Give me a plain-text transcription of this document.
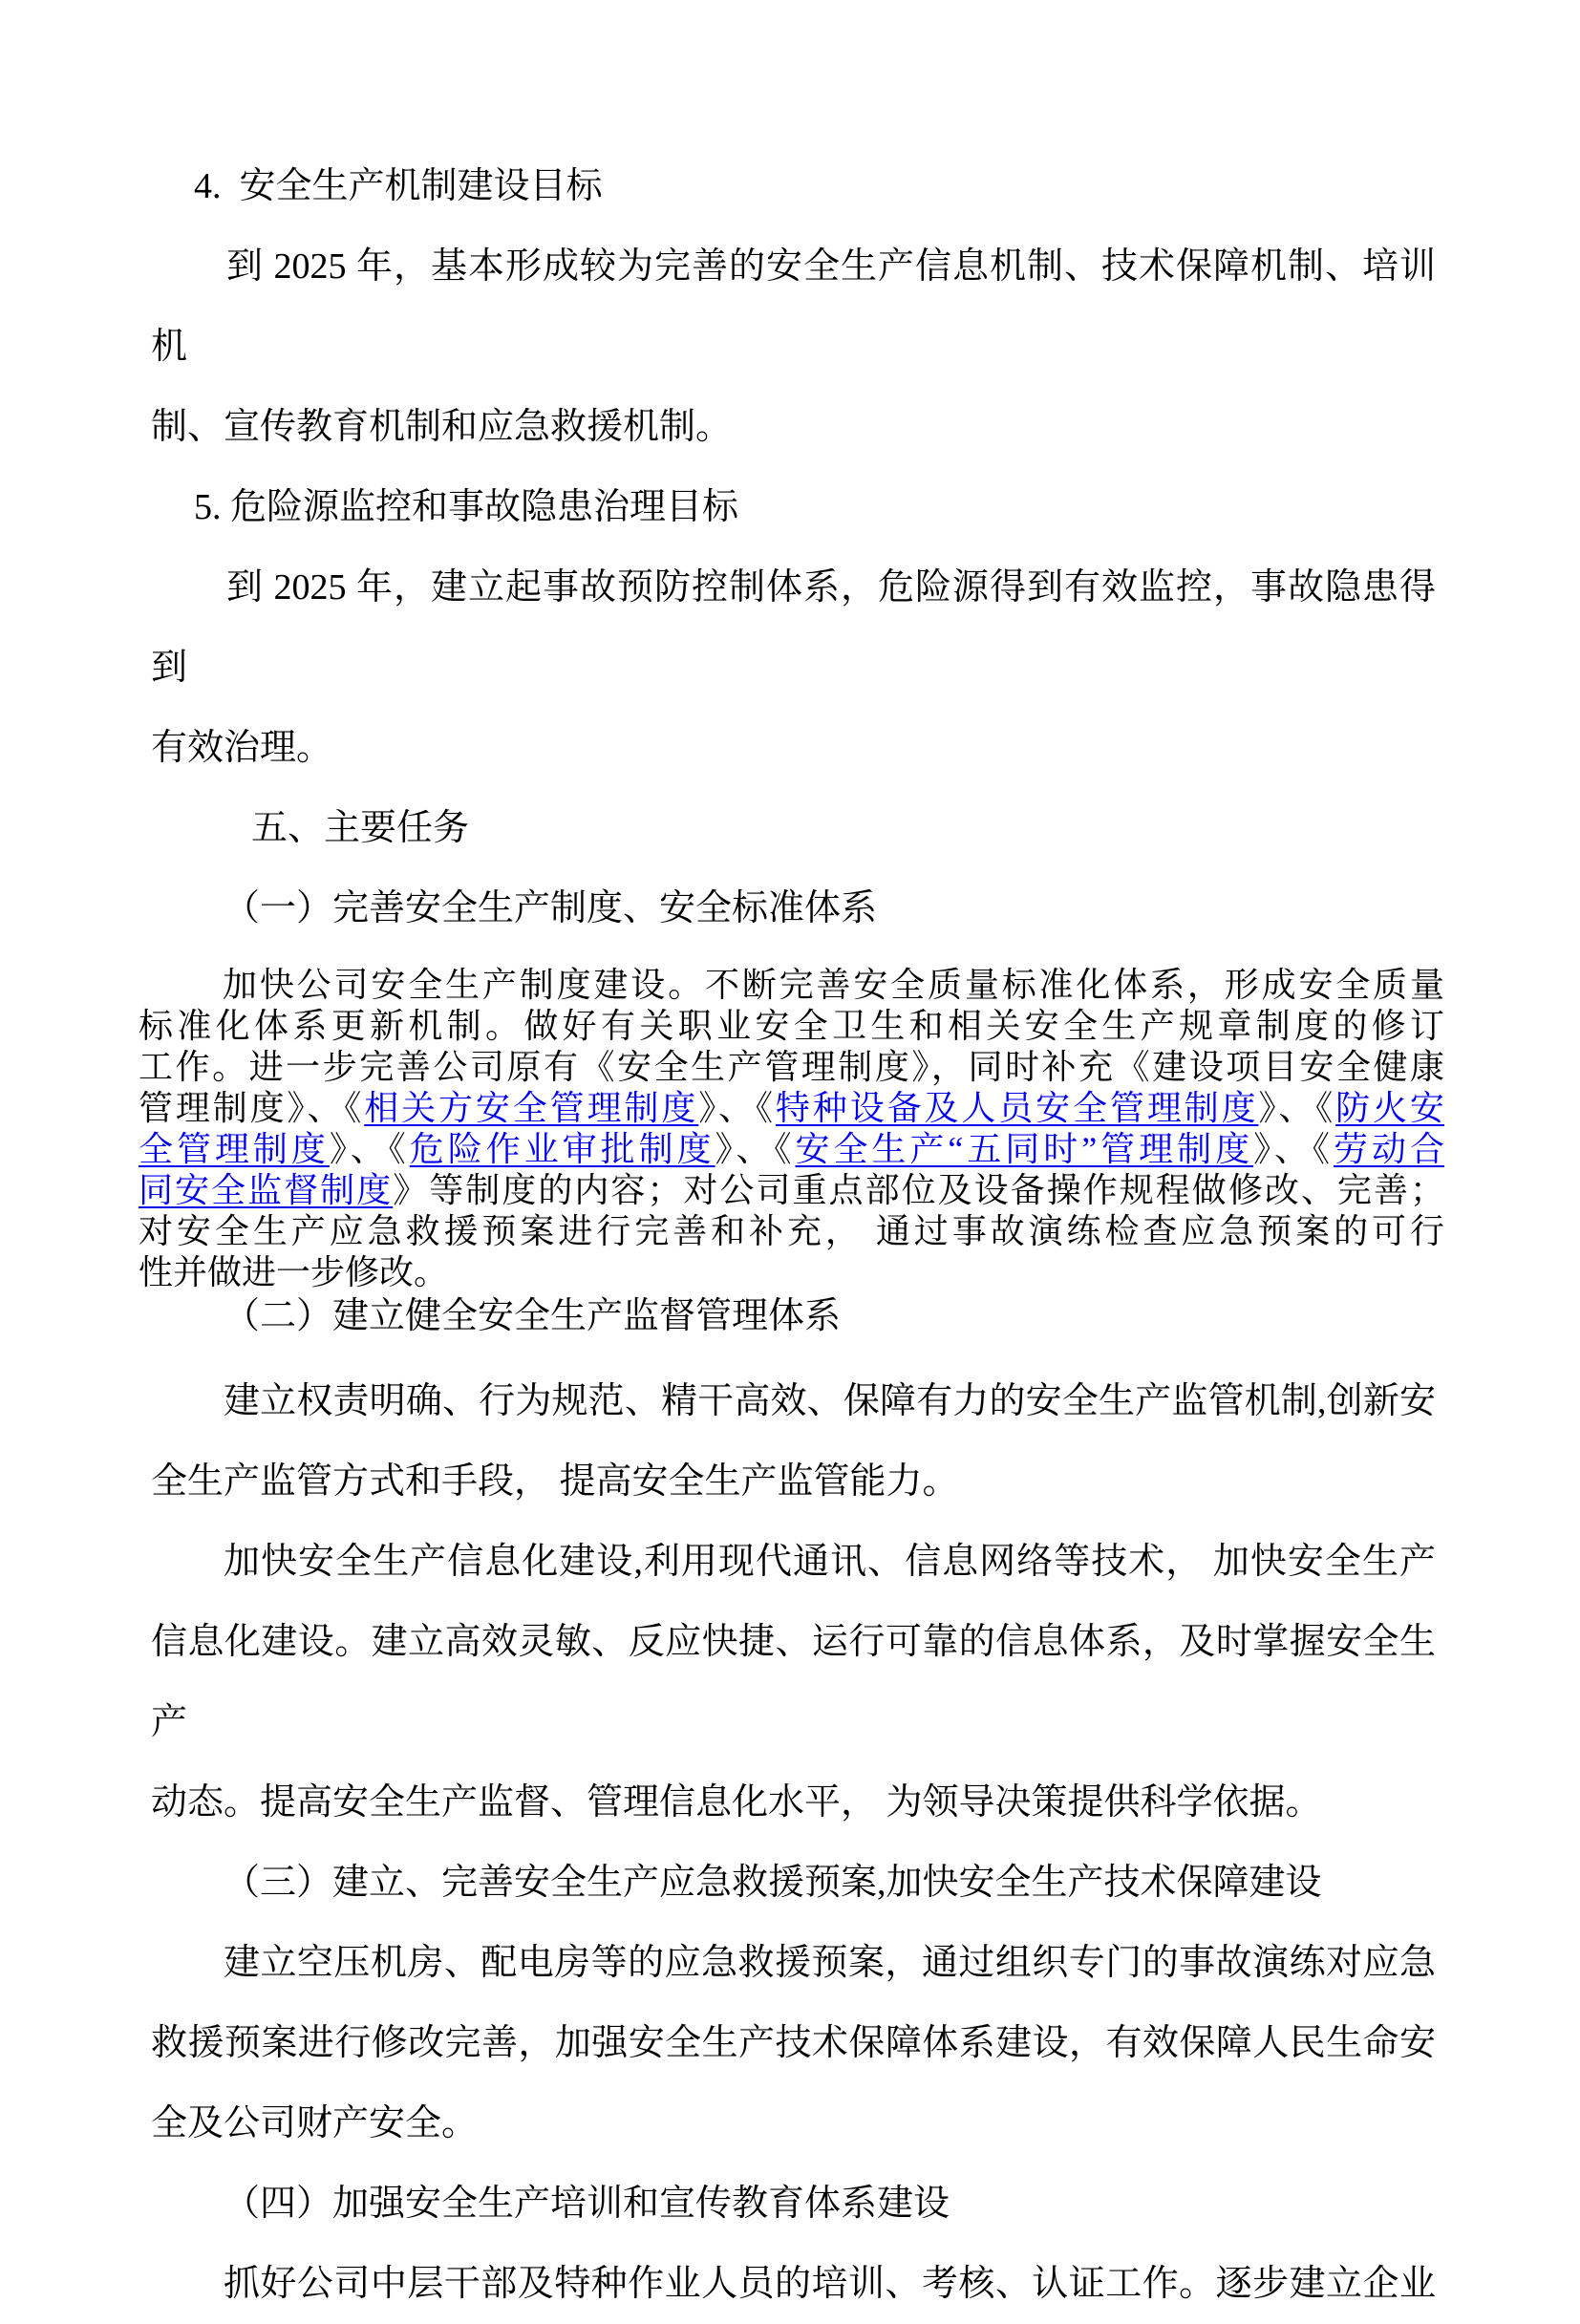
4.  安全生产机制建设目标
到 2025 年，基本形成较为完善的安全生产信息机制、技术保障机制、培训机
制、宣传教育机制和应急救援机制。
5. 危险源监控和事故隐患治理目标
到 2025 年，建立起事故预防控制体系，危险源得到有效监控，事故隐患得到
有效治理。
五、主要任务
（一）完善安全生产制度、安全标准体系
加快公司安全生产制度建设。不断完善安全质量标准化体系，形成安全质量
标准化体系更新机制。做好有关职业安全卫生和相关安全生产规章制度的修订
工作。进一步完善公司原有《安全生产管理制度》，同时补充《建设项目安全健康
管理制度》、《相关方安全管理制度》、《特种设备及人员安全管理制度》、《防火安
全管理制度》、《危险作业审批制度》、《安全生产“五同时”管理制度》、《劳动合
同安全监督制度》等制度的内容；对公司重点部位及设备操作规程做修改、完善；
对安全生产应急救援预案进行完善和补充， 通过事故演练检查应急预案的可行
性并做进一步修改。
（二）建立健全安全生产监督管理体系
建立权责明确、行为规范、精干高效、保障有力的安全生产监管机制,创新安
全生产监管方式和手段， 提高安全生产监管能力。
加快安全生产信息化建设,利用现代通讯、信息网络等技术， 加快安全生产
信息化建设。建立高效灵敏、反应快捷、运行可靠的信息体系，及时掌握安全生产
动态。提高安全生产监督、管理信息化水平， 为领导决策提供科学依据。
（三）建立、完善安全生产应急救援预案,加快安全生产技术保障建设
建立空压机房、配电房等的应急救援预案，通过组织专门的事故演练对应急
救援预案进行修改完善，加强安全生产技术保障体系建设，有效保障人民生命安
全及公司财产安全。
（四）加强安全生产培训和宣传教育体系建设
抓好公司中层干部及特种作业人员的培训、考核、认证工作。逐步建立企业
